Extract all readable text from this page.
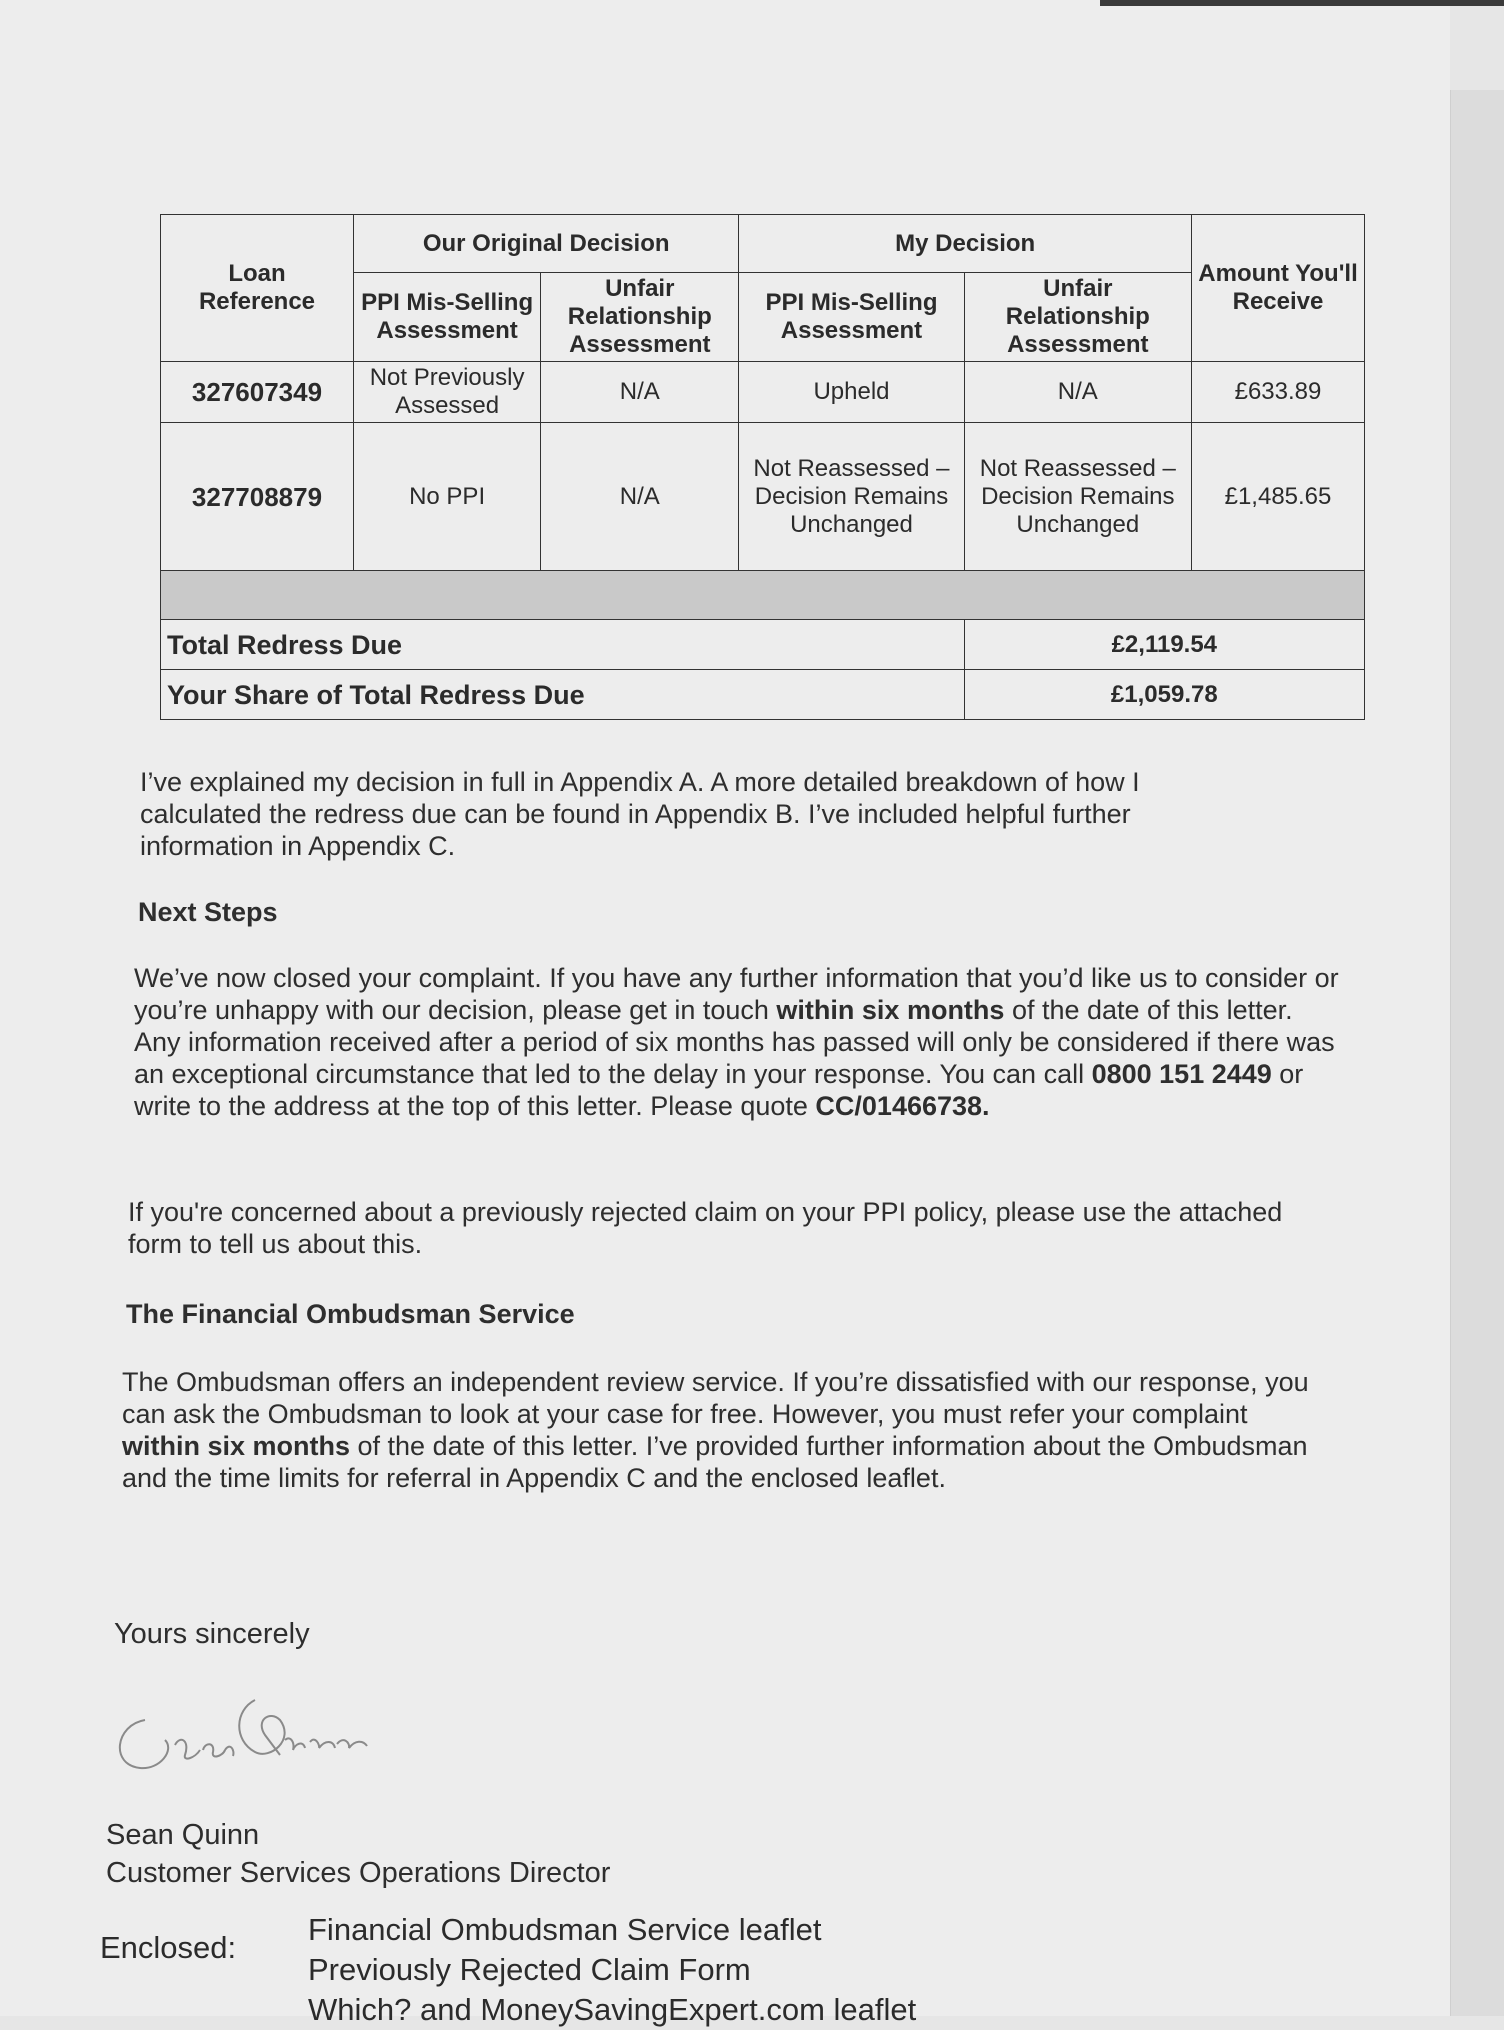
Loan Reference	Our Original Decision		My Decision		Amount You'll Receive
	PPI Mis-Selling Assessment	Unfair Relationship Assessment	PPI Mis-Selling Assessment	Unfair Relationship Assessment	
327607349	Not Previously Assessed	N/A	Upheld	N/A	£633.89
327708879	No PPI	N/A	Not Reassessed – Decision Remains Unchanged	Not Reassessed – Decision Remains Unchanged	£1,485.65

Total Redress Due				£2,119.54	
Your Share of Total Redress Due				£1,059.78	
I’ve explained my decision in full in Appendix A. A more detailed breakdown of how I calculated the redress due can be found in Appendix B. I’ve included helpful further information in Appendix C.
Next Steps
We’ve now closed your complaint. If you have any further information that you’d like us to consider or you’re unhappy with our decision, please get in touch within six months of the date of this letter. Any information received after a period of six months has passed will only be considered if there was an exceptional circumstance that led to the delay in your response. You can call 0800 151 2449 or write to the address at the top of this letter. Please quote CC/01466738.
If you're concerned about a previously rejected claim on your PPI policy, please use the attached form to tell us about this.
The Financial Ombudsman Service
The Ombudsman offers an independent review service. If you’re dissatisfied with our response, you can ask the Ombudsman to look at your case for free. However, you must refer your complaint within six months of the date of this letter. I’ve provided further information about the Ombudsman and the time limits for referral in Appendix C and the enclosed leaflet.
Yours sincerely
Sean Quinn
Customer Services Operations Director
Enclosed:
Financial Ombudsman Service leaflet
Previously Rejected Claim Form
Which? and MoneySavingExpert.com leaflet
